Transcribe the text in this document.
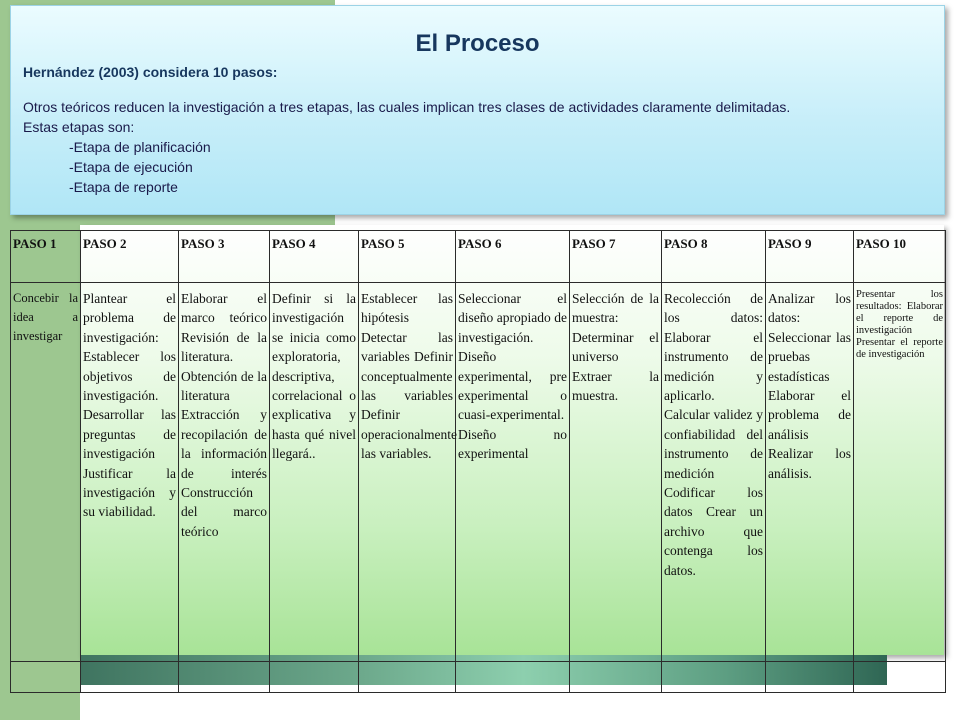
El Proceso
Hernández (2003) considera 10 pasos:

Otros teóricos reducen la investigación a tres etapas, las cuales implican tres clases de actividades claramente delimitadas.

Estas etapas son:

-Etapa de planificación

-Etapa de ejecución

-Etapa de reporte

PASO 1	PASO 2	PASO 3	PASO 4	PASO 5	PASO 6	PASO 7	PASO 8	PASO 9	PASO 10

Concebir la idea a investigar	Plantear el problema de investigación: Establecer los objetivos de investigación. Desarrollar las preguntas de investigación Justificar la investigación y su viabilidad.	Elaborar el marco teórico Revisión de la literatura. Obtención de la literatura Extracción y recopilación de la información de interés Construcción del marco teórico	Definir si la investigación se inicia como exploratoria, descriptiva, correlacional o explicativa y hasta qué nivel llegará..	Establecer las hipótesis Detectar las variables Definir conceptualmente las variables Definir operacionalmente las variables.	Seleccionar el diseño apropiado de investigación. Diseño experimental, pre experimental o cuasi-experimental. Diseño no experimental	Selección de la muestra: Determinar el universo Extraer la muestra.	Recolección de los datos: Elaborar el instrumento de medición y aplicarlo. Calcular validez y confiabilidad del instrumento de medición Codificar los datos Crear un archivo que contenga los datos.	Analizar los datos: Seleccionar las pruebas estadísticas Elaborar el problema de análisis Realizar los análisis.	Presentar los resultados: Elaborar el reporte de investigación Presentar el reporte de investigación
